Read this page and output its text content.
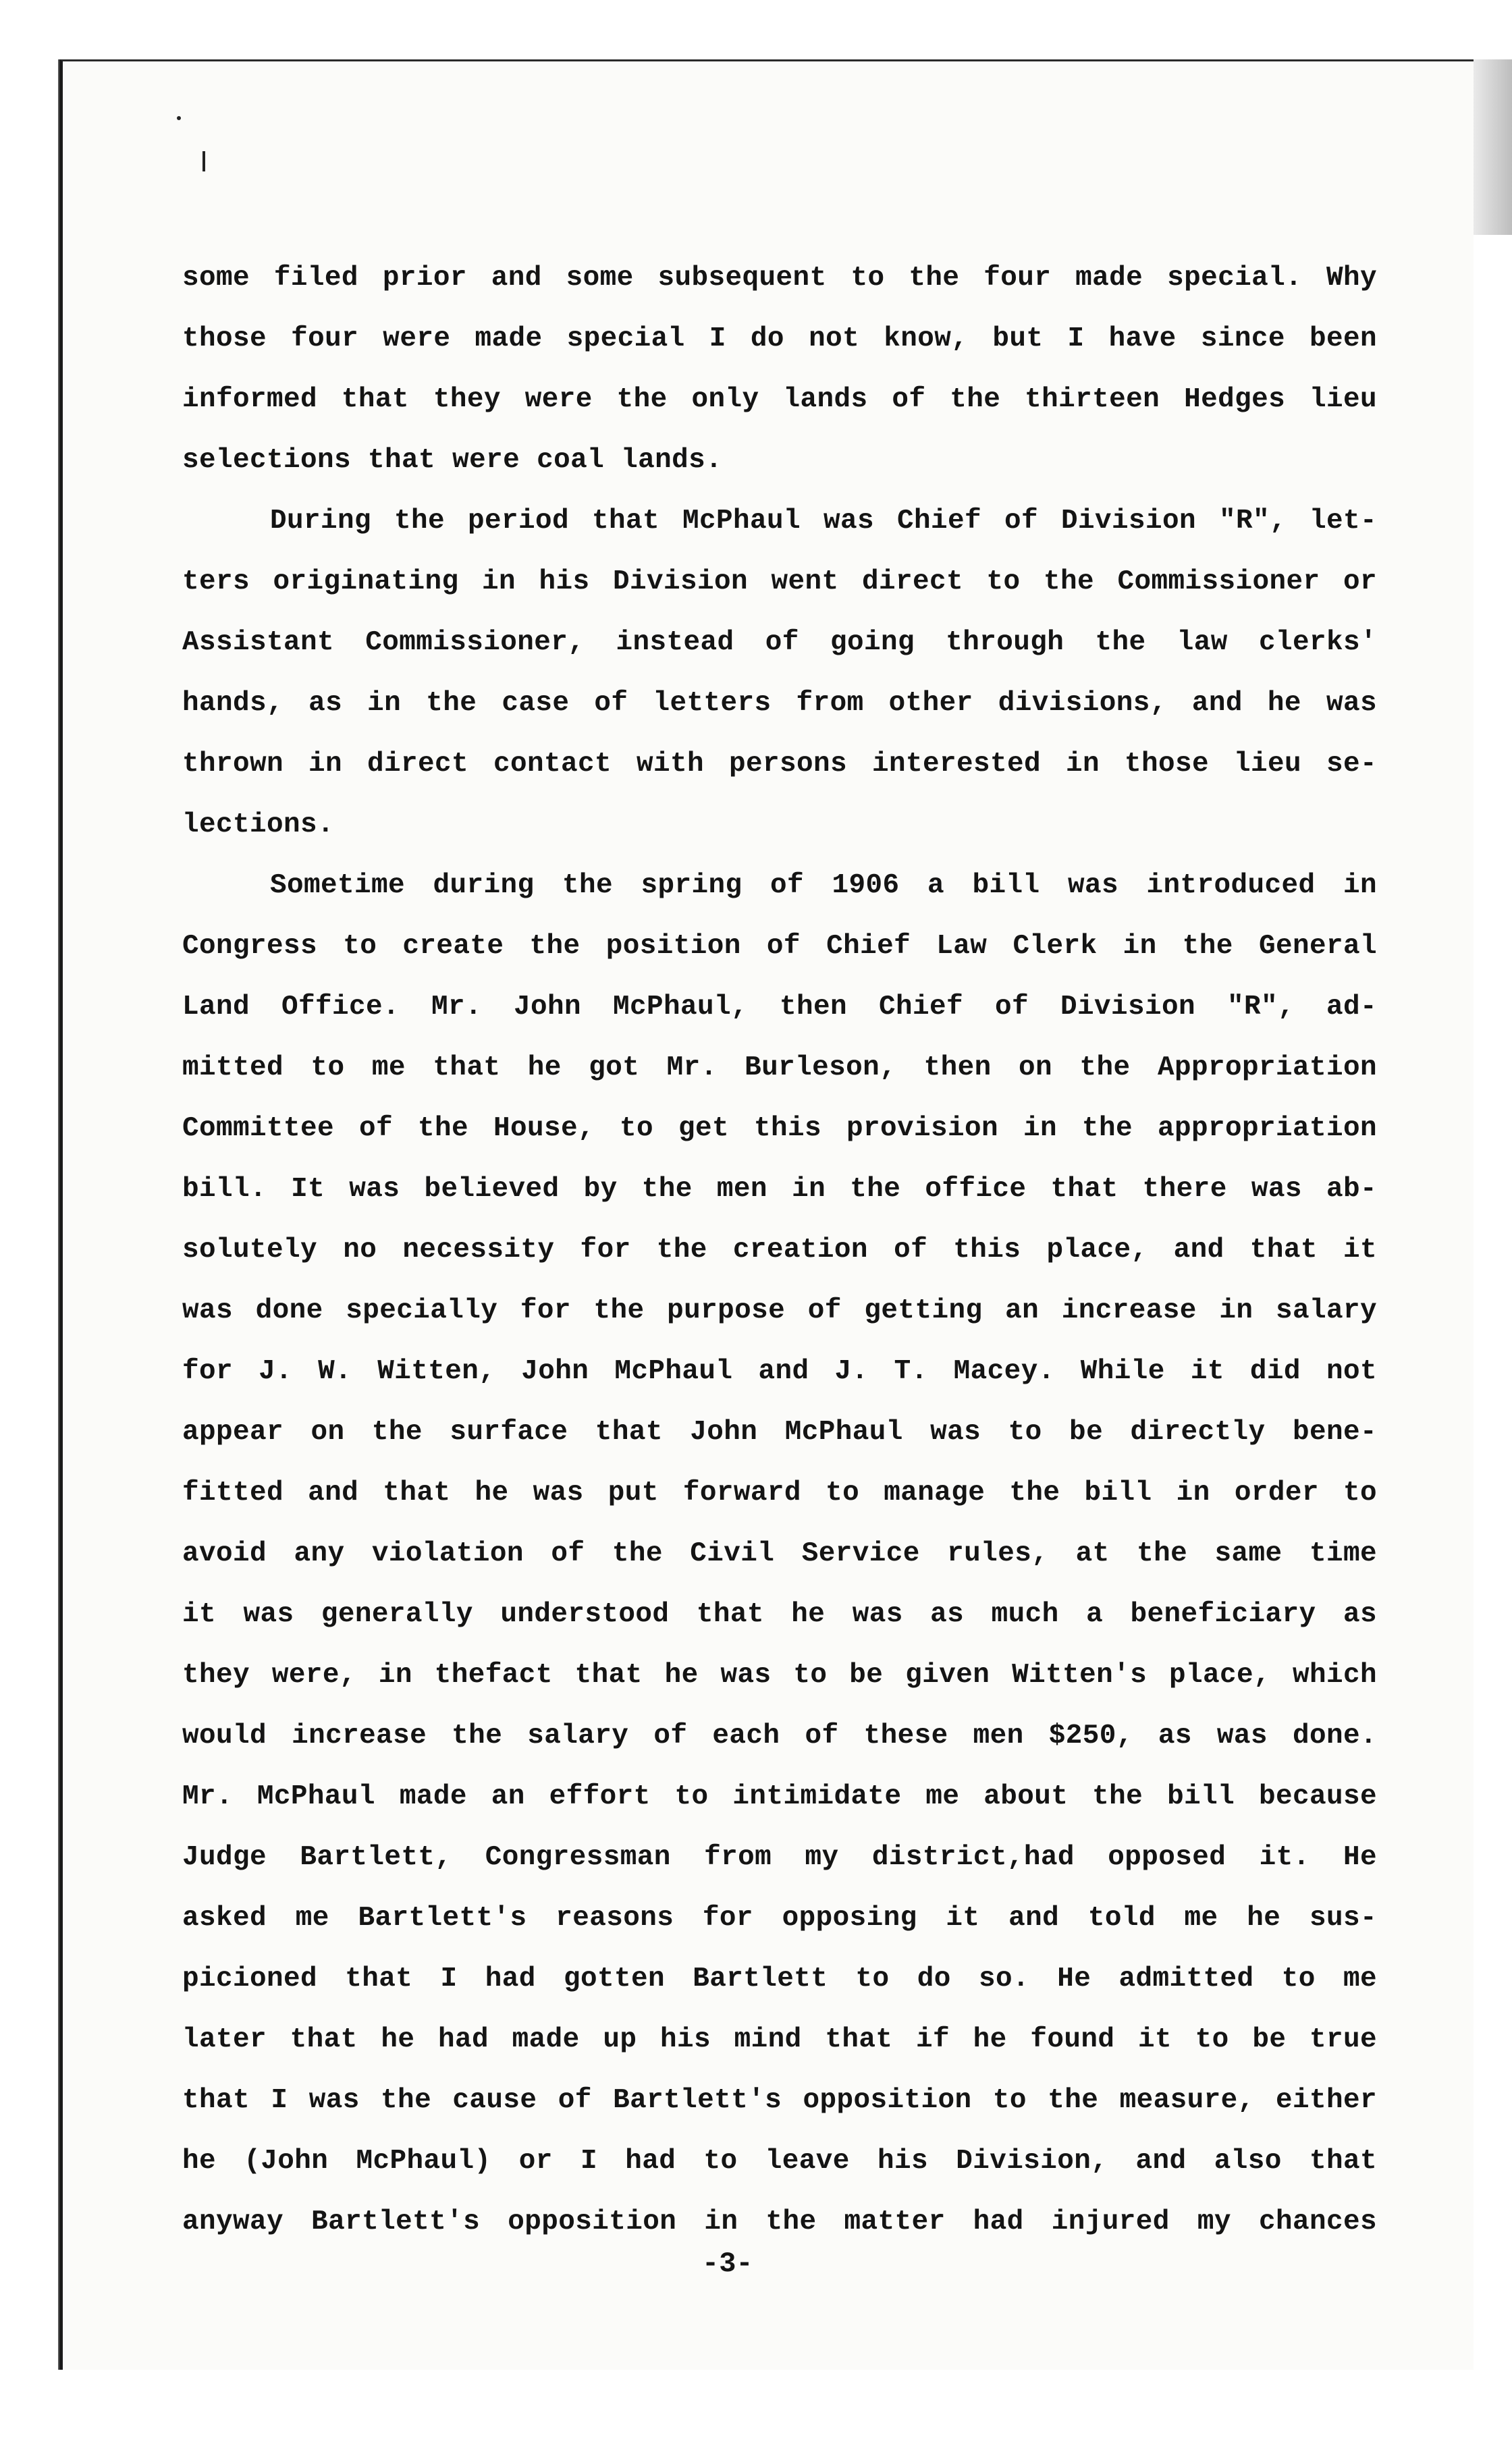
some filed prior and some subsequent to the four made special. Why
those four were made special I do not know, but I have since been
informed that they were the only lands of the thirteen Hedges lieu
selections that were coal lands.
During the period that McPhaul was Chief of Division "R", let-
ters originating in his Division went direct to the Commissioner or
Assistant Commissioner, instead of going through the law clerks'
hands, as in the case of letters from other divisions, and he was
thrown in direct contact with persons interested in those lieu se-
lections.
Sometime during the spring of 1906 a bill was introduced in
Congress to create the position of Chief Law Clerk in the General
Land Office. Mr. John McPhaul, then Chief of Division "R", ad-
mitted to me that he got Mr. Burleson, then on the Appropriation
Committee of the House, to get this provision in the appropriation
bill. It was believed by the men in the office that there was ab-
solutely no necessity for the creation of this place, and that it
was done specially for the purpose of getting an increase in salary
for J. W. Witten, John McPhaul and J. T. Macey. While it did not
appear on the surface that John McPhaul was to be directly bene-
fitted and that he was put forward to manage the bill in order to
avoid any violation of the Civil Service rules, at the same time
it was generally understood that he was as much a beneficiary as
they were, in thefact that he was to be given Witten's place, which
would increase the salary of each of these men $250, as was done.
Mr. McPhaul made an effort to intimidate me about the bill because
Judge Bartlett, Congressman from my district,had opposed it. He
asked me Bartlett's reasons for opposing it and told me he sus-
picioned that I had gotten Bartlett to do so. He admitted to me
later that he had made up his mind that if he found it to be true
that I was the cause of Bartlett's opposition to the measure, either
he (John McPhaul) or I had to leave his Division, and also that
anyway Bartlett's opposition in the matter had injured my chances
-3-
